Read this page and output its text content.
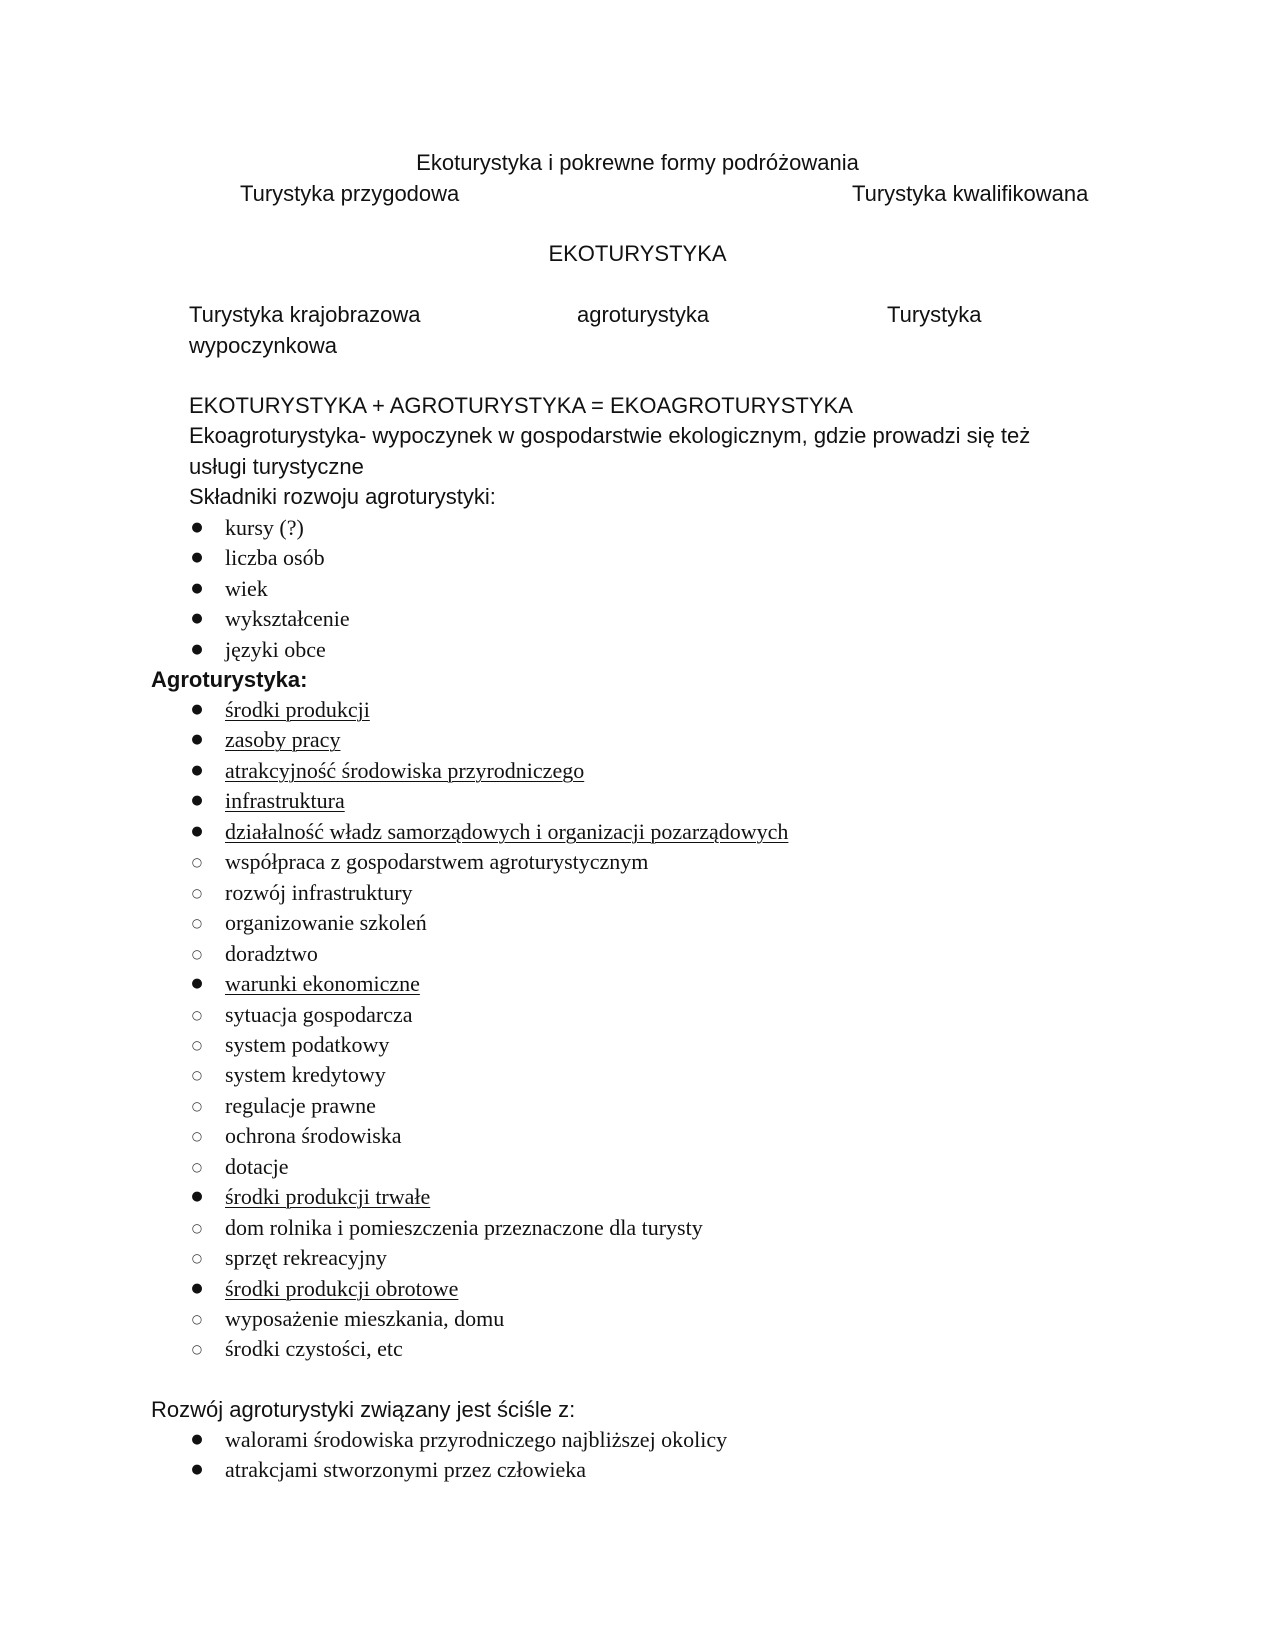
Ekoturystyka i pokrewne formy podróżowania
Turystyka przygodowa	Turystyka kwalifikowana
EKOTURYSTYKA
Turystyka krajobrazowa	agroturystyka	Turystyka
wypoczynkowa
EKOTURYSTYKA + AGROTURYSTYKA = EKOAGROTURYSTYKA
Ekoagroturystyka- wypoczynek w gospodarstwie ekologicznym, gdzie prowadzi się też
usługi turystyczne
Składniki rozwoju agroturystyki:
●
kursy (?)
●
liczba osób
●
wiek
●
wykształcenie
●
języki obce
Agroturystyka:
●
środki produkcji
●
zasoby pracy
●
atrakcyjność środowiska przyrodniczego
●
infrastruktura
●
działalność władz samorządowych i organizacji pozarządowych
○
współpraca z gospodarstwem agroturystycznym
○
rozwój infrastruktury
○
organizowanie szkoleń
○
doradztwo
●
warunki ekonomiczne
○
sytuacja gospodarcza
○
system podatkowy
○
system kredytowy
○
regulacje prawne
○
ochrona środowiska
○
dotacje
●
środki produkcji trwałe
○
dom rolnika i pomieszczenia przeznaczone dla turysty
○
sprzęt rekreacyjny
●
środki produkcji obrotowe
○
wyposażenie mieszkania, domu
○
środki czystości, etc
Rozwój agroturystyki związany jest ściśle z:
●
walorami środowiska przyrodniczego najbliższej okolicy
●
atrakcjami stworzonymi przez człowieka
